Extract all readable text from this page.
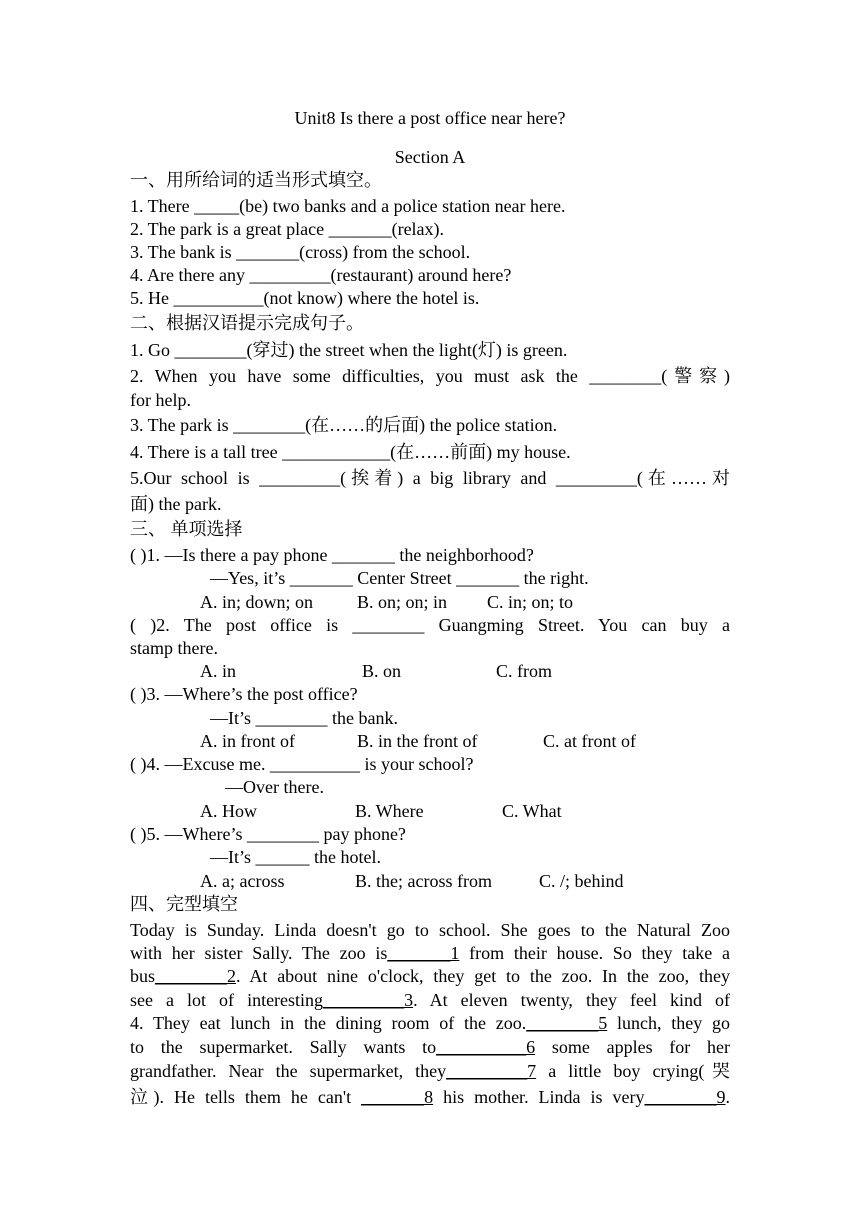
Unit8 Is there a post office near here?
Section A
一、用所给词的适当形式填空。
1. There _____(be) two banks and a police station near here.
2. The park is a great place _______(relax).
3. The bank is _______(cross) from the school.
4. Are there any _________(restaurant) around here?
5. He __________(not know) where the hotel is.
二、根据汉语提示完成句子。
1. Go ________(穿过) the street when the light(灯) is green.
2. When you have some difficulties, you must ask the ________(警察)
for help.
3. The park is ________(在……的后面) the police station.
4. There is a tall tree ____________(在……前面) my house.
5.Our school is _________(挨着) a big library and _________(在……对
面) the park.
三、 单项选择
( )1. —Is there a pay phone _______ the neighborhood?
—Yes, it’s _______ Center Street _______ the right.
A. in; down; on B. on; on; in C. in; on; to
( )2. The post office is ________ Guangming Street. You can buy a
stamp there.
A. in	B. on	C. from
( )3. —Where’s the post office?
—It’s ________ the bank.
A. in front of	B. in the front of	C. at front of
( )4. —Excuse me. __________ is your school?
—Over there.
A. How	B. Where	C. What
( )5. —Where’s ________ pay phone?
—It’s ______ the hotel.
A. a; across	B. the; across from	C. /; behind
四、完型填空
Today is Sunday. Linda doesn't go to school. She goes to the Natural Zoo
with her sister Sally. The zoo is_______1 from their house. So they take a
bus________2. At about nine o'clock, they get to the zoo. In the zoo, they
see a lot of interesting_________3. At eleven twenty, they feel kind of
4. They eat lunch in the dining room of the zoo.________5 lunch, they go
to the supermarket. Sally wants to__________6 some apples for her
grandfather. Near the supermarket, they_________7 a little boy crying(哭
泣). He tells them he can't _______8 his mother. Linda is very________9.
